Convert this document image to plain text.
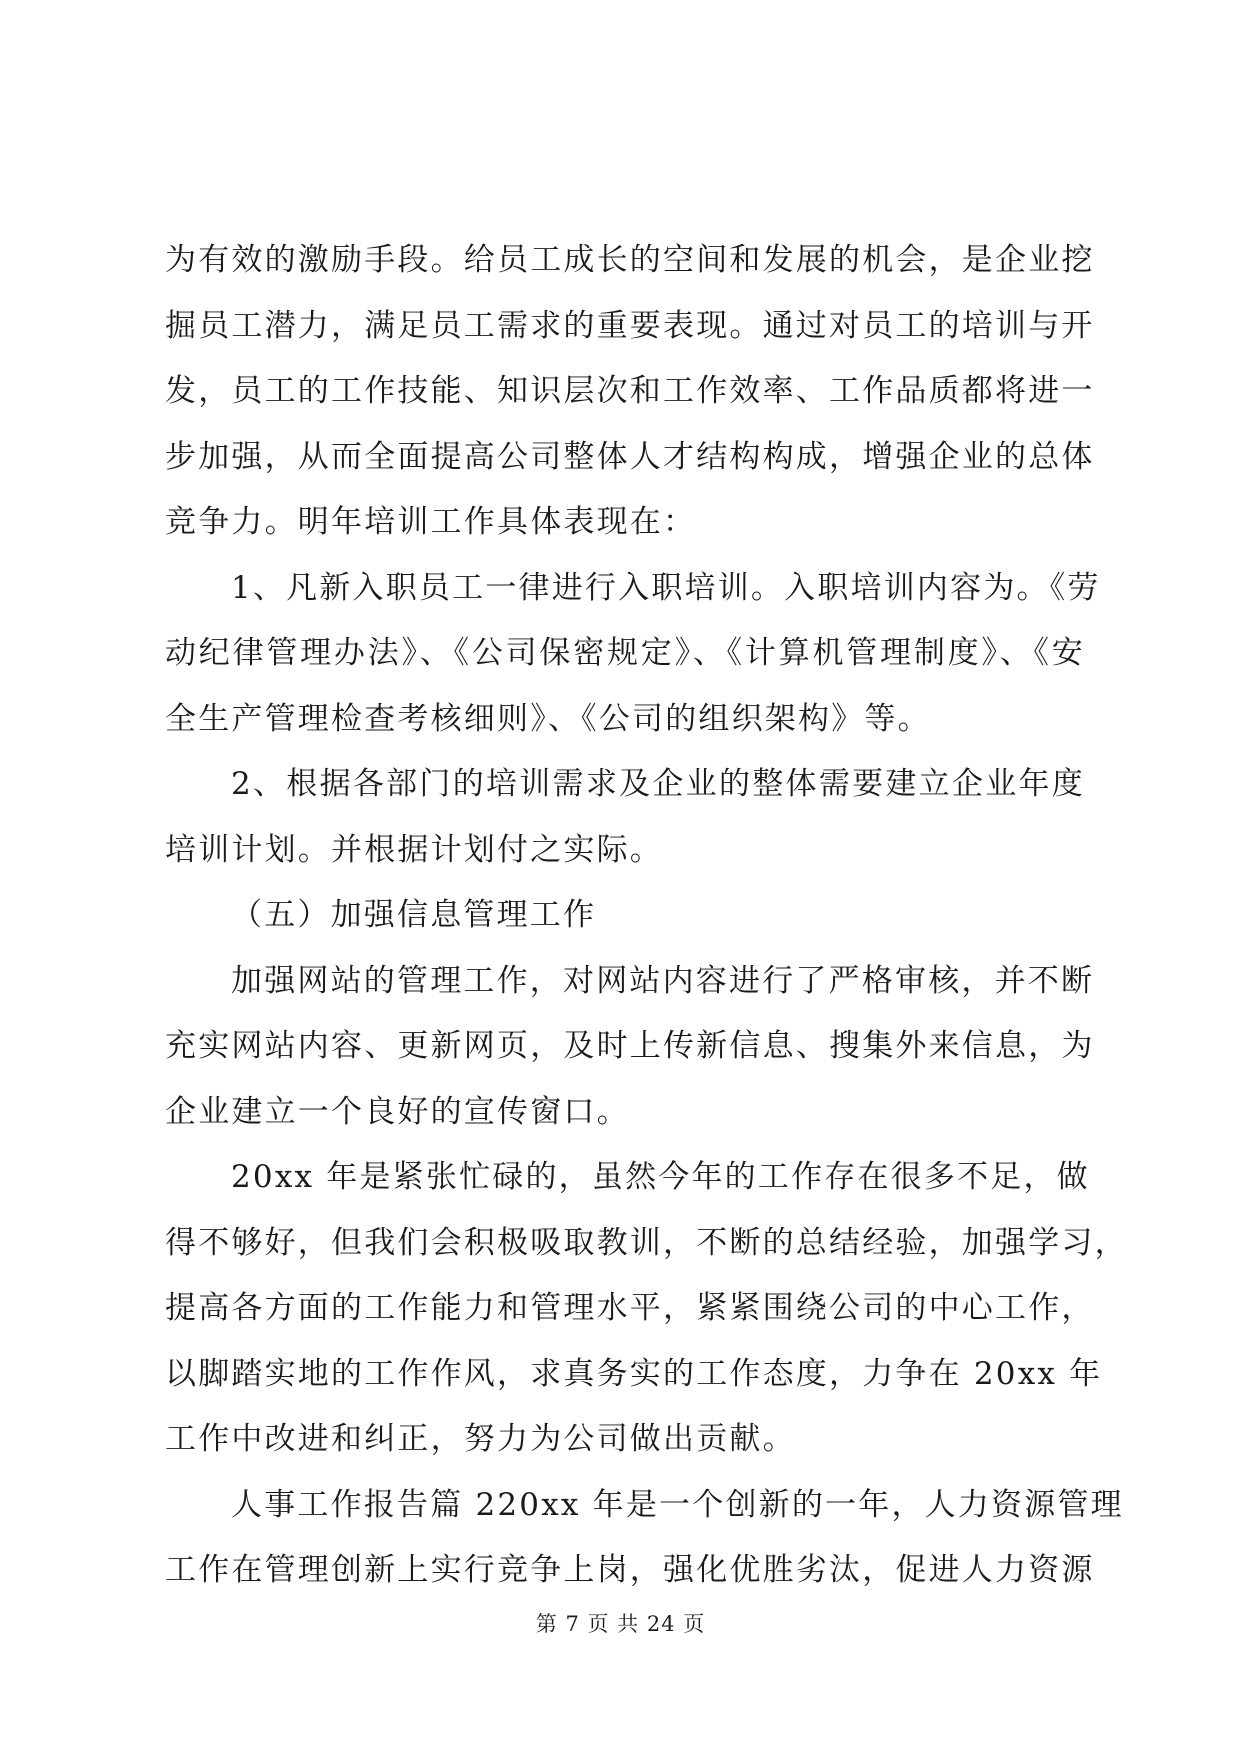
为有效的激励手段。给员工成长的空间和发展的机会，是企业挖
掘员工潜力，满足员工需求的重要表现。通过对员工的培训与开
发，员工的工作技能、知识层次和工作效率、工作品质都将进一
步加强，从而全面提高公司整体人才结构构成，增强企业的总体
竞争力。明年培训工作具体表现在：
1、凡新入职员工一律进行入职培训。入职培训内容为。《劳
动纪律管理办法》、《公司保密规定》、《计算机管理制度》、《安
全生产管理检查考核细则》、《公司的组织架构》等。
2、根据各部门的培训需求及企业的整体需要建立企业年度
培训计划。并根据计划付之实际。
（五）加强信息管理工作
加强网站的管理工作，对网站内容进行了严格审核，并不断
充实网站内容、更新网页，及时上传新信息、搜集外来信息，为
企业建立一个良好的宣传窗口。
20xx 年是紧张忙碌的，虽然今年的工作存在很多不足，做
得不够好，但我们会积极吸取教训，不断的总结经验，加强学习，
提高各方面的工作能力和管理水平，紧紧围绕公司的中心工作，
以脚踏实地的工作作风，求真务实的工作态度，力争在 20xx 年
工作中改进和纠正，努力为公司做出贡献。
人事工作报告篇 220xx 年是一个创新的一年，人力资源管理
工作在管理创新上实行竞争上岗，强化优胜劣汰，促进人力资源
第 7 页 共 24 页
